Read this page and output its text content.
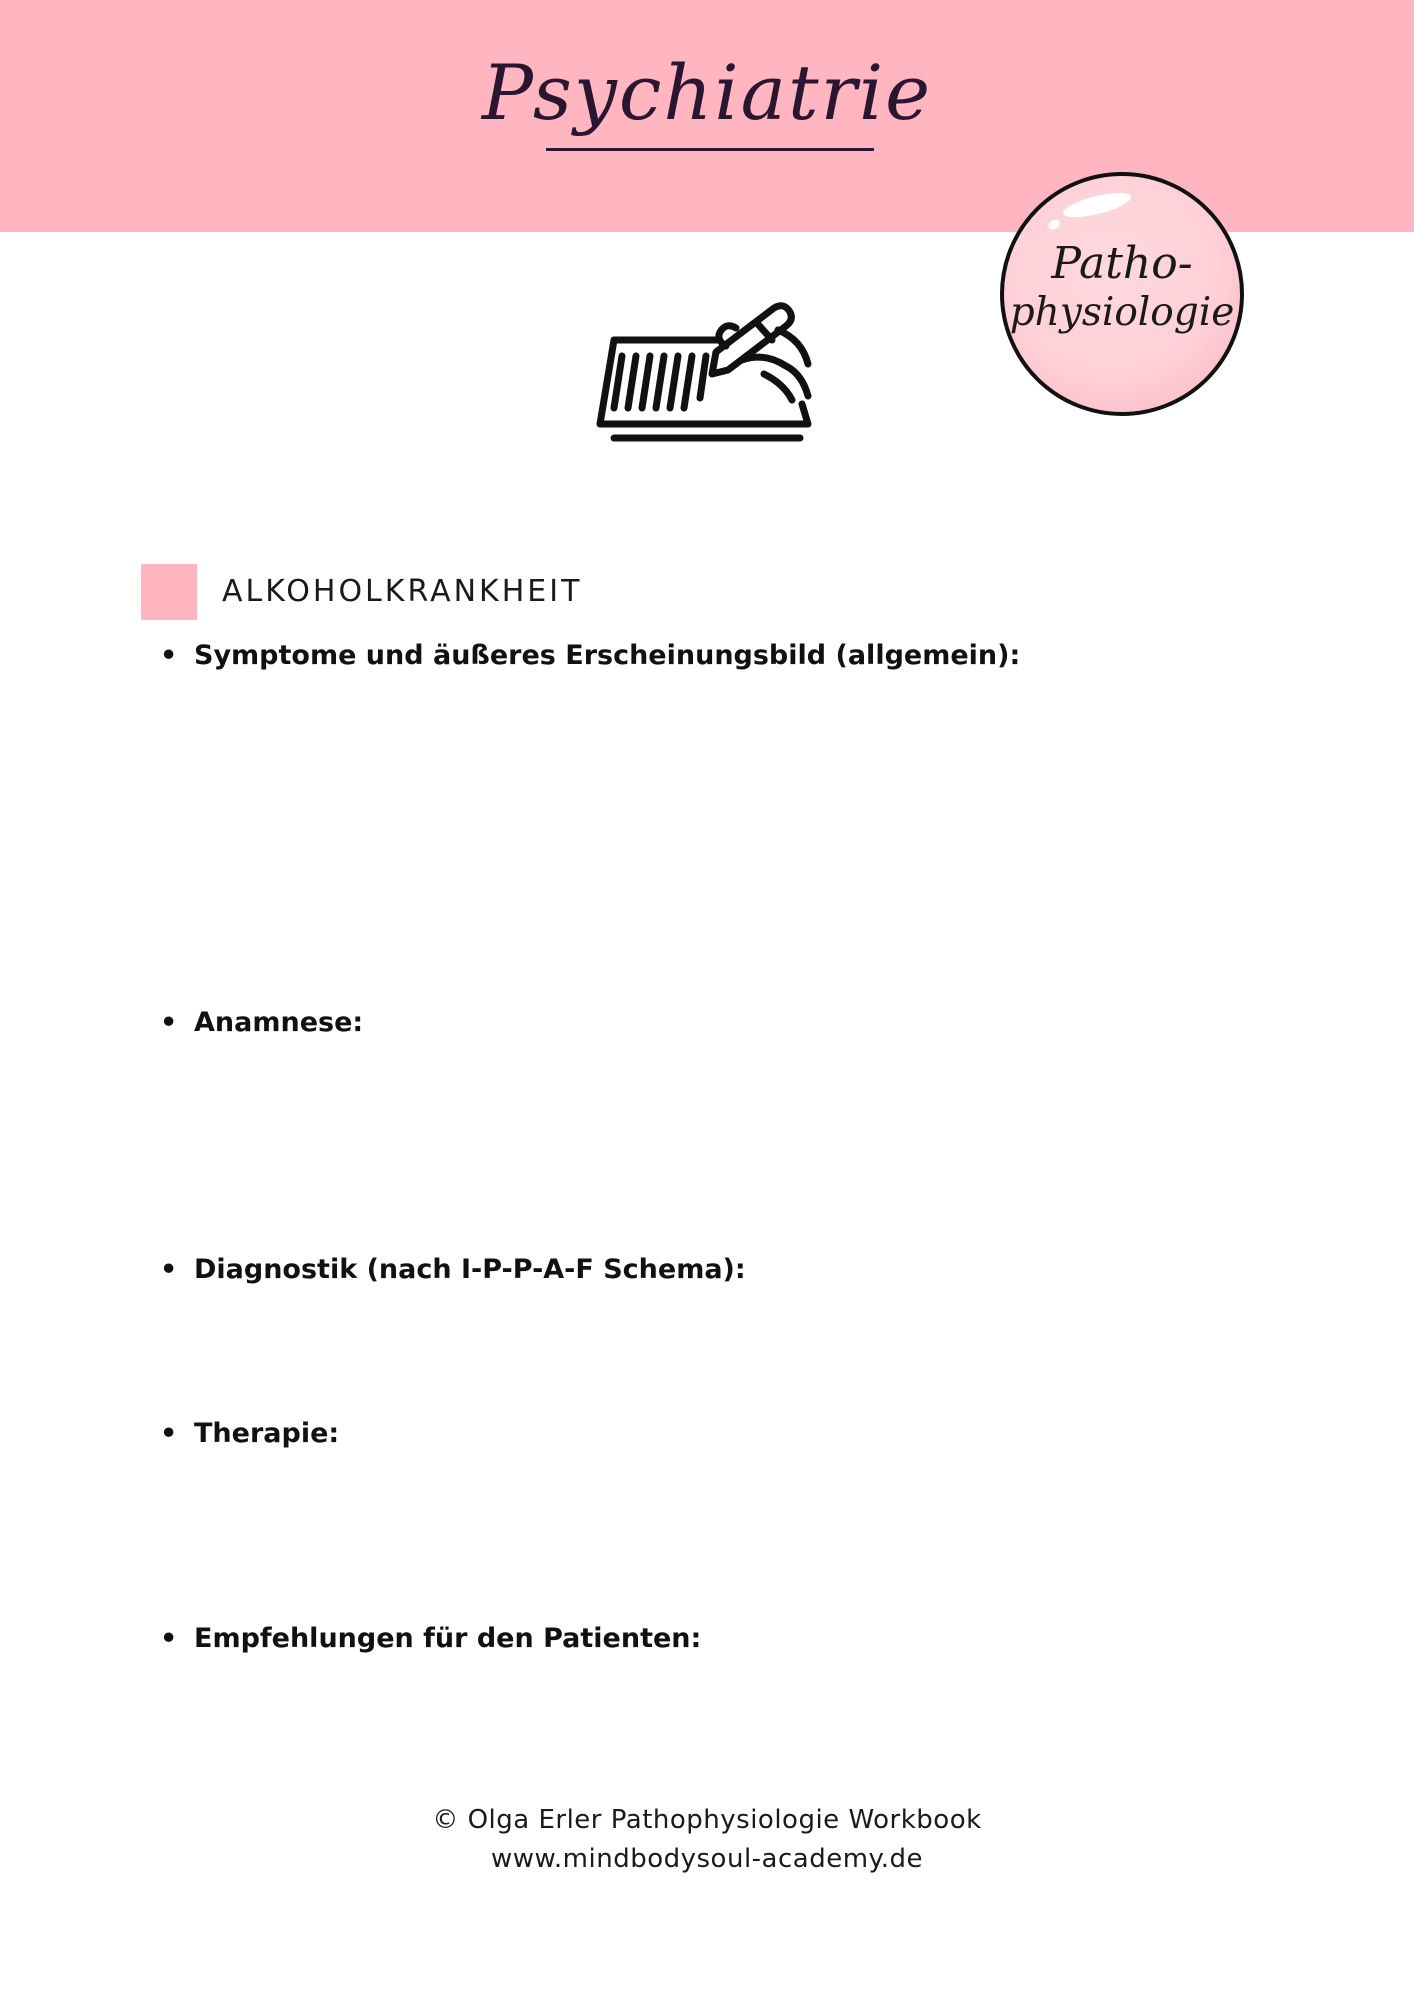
Psychiatrie
Patho-
physiologie
ALKOHOLKRANKHEIT
• Symptome und äußeres Erscheinungsbild (allgemein):
• Anamnese:
• Diagnostik (nach I-P-P-A-F Schema):
• Therapie:
• Empfehlungen für den Patienten:
© Olga Erler Pathophysiologie Workbook
www.mindbodysoul-academy.de
